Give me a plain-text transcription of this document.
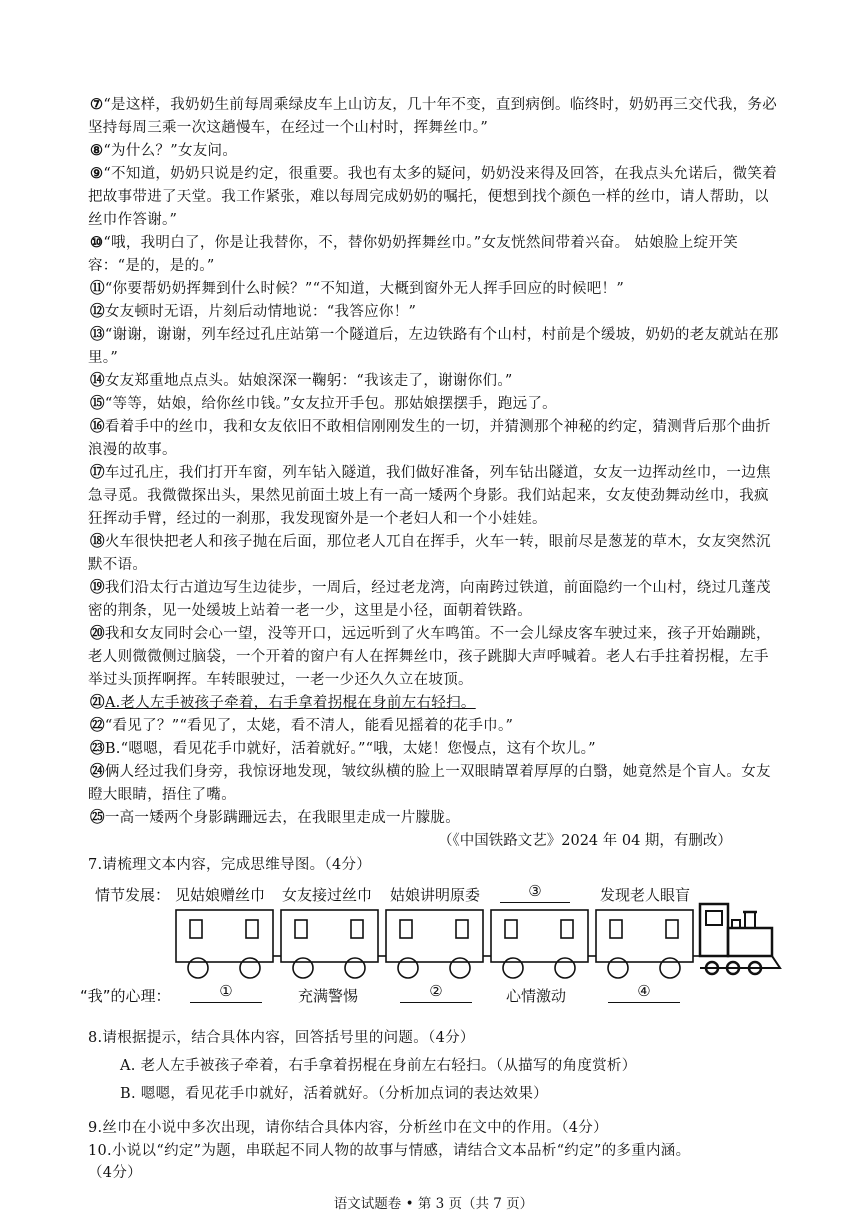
⑦“是这样，我奶奶生前每周乘绿皮车上山访友，几十年不变，直到病倒。临终时，奶奶再三交代我，务必坚持每周三乘一次这趟慢车，在经过一个山村时，挥舞丝巾。”
⑧“为什么？”女友问。
⑨“不知道，奶奶只说是约定，很重要。我也有太多的疑问，奶奶没来得及回答，在我点头允诺后，微笑着把故事带进了天堂。我工作紧张，难以每周完成奶奶的嘱托，便想到找个颜色一样的丝巾，请人帮助，以丝巾作答谢。”
⑩“哦，我明白了，你是让我替你，不，替你奶奶挥舞丝巾。”女友恍然间带着兴奋。 姑娘脸上绽开笑容：“是的，是的。”
⑪“你要帮奶奶挥舞到什么时候？”“不知道，大概到窗外无人挥手回应的时候吧！”
⑫女友顿时无语，片刻后动情地说：“我答应你！”
⑬“谢谢，谢谢，列车经过孔庄站第一个隧道后，左边铁路有个山村，村前是个缓坡，奶奶的老友就站在那里。”
⑭女友郑重地点点头。姑娘深深一鞠躬：“我该走了，谢谢你们。”
⑮“等等，姑娘，给你丝巾钱。”女友拉开手包。那姑娘摆摆手，跑远了。
⑯看着手中的丝巾，我和女友依旧不敢相信刚刚发生的一切，并猜测那个神秘的约定，猜测背后那个曲折浪漫的故事。
⑰车过孔庄，我们打开车窗，列车钻入隧道，我们做好准备，列车钻出隧道，女友一边挥动丝巾，一边焦急寻觅。我微微探出头，果然见前面土坡上有一高一矮两个身影。我们站起来，女友使劲舞动丝巾，我疯狂挥动手臂，经过的一刹那，我发现窗外是一个老妇人和一个小娃娃。
⑱火车很快把老人和孩子抛在后面，那位老人兀自在挥手，火车一转，眼前尽是葱茏的草木，女友突然沉默不语。
⑲我们沿太行古道边写生边徒步，一周后，经过老龙湾，向南跨过铁道，前面隐约一个山村，绕过几蓬茂密的荆条，见一处缓坡上站着一老一少，这里是小径，面朝着铁路。
⑳我和女友同时会心一望，没等开口，远远听到了火车鸣笛。不一会儿绿皮客车驶过来，孩子开始蹦跳，老人则微微侧过脑袋，一个开着的窗户有人在挥舞丝巾，孩子跳脚大声呼喊着。老人右手拄着拐棍，左手举过头顶挥啊挥。车转眼驶过，一老一少还久久立在坡顶。
㉑A.老人左手被孩子牵着，右手拿着拐棍在身前左右轻扫。
㉒“看见了？”“看见了，太姥，看不清人，能看见摇着的花手巾。”
㉓B.“嗯嗯，看见花手巾就好，活着就好。”“哦，太姥！您慢点，这有个坎儿。”
㉔俩人经过我们身旁，我惊讶地发现，皱纹纵横的脸上一双眼睛罩着厚厚的白翳，她竟然是个盲人。女友瞪大眼睛，捂住了嘴。
㉕一高一矮两个身影蹒跚远去，在我眼里走成一片朦胧。
（《中国铁路文艺》2024 年 04 期，有删改）
7.请梳理文本内容，完成思维导图。（4分）
情节发展： 见姑娘赠丝巾 女友接过丝巾 姑娘讲明原委	③	发现老人眼盲
“我”的心理：	①	充满警惕	②	心情激动	④
8.请根据提示，结合具体内容，回答括号里的问题。（4分）
A. 老人左手被孩子牵着，右手拿着拐棍在身前左右轻扫。（从描写的角度赏析）
B. 嗯嗯，看见花手巾就好，活着就好。（分析加点词的表达效果）
9.丝巾在小说中多次出现，请你结合具体内容，分析丝巾在文中的作用。（4分）
10.小说以“约定”为题，串联起不同人物的故事与情感，请结合文本品析“约定”的多重内涵。
（4分）
语文试题卷 • 第 3 页（共 7 页）
